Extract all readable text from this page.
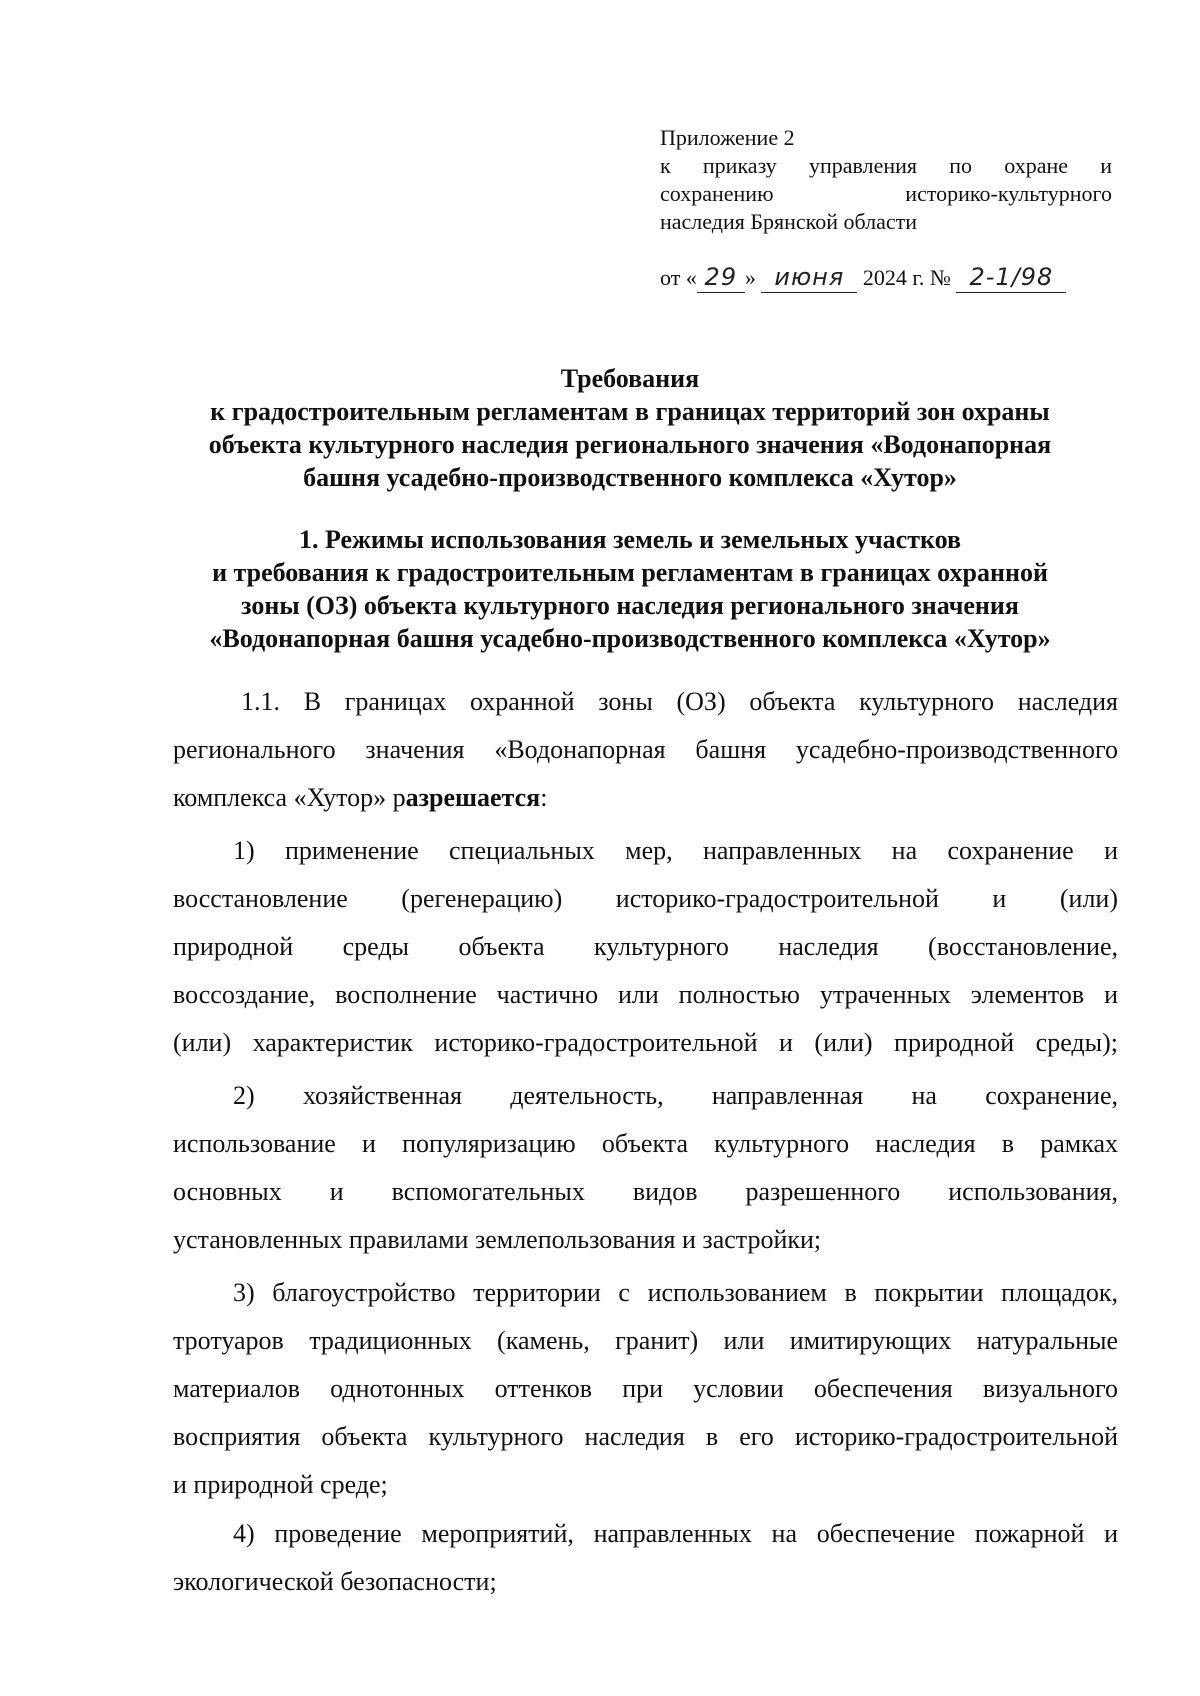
Приложение 2
к приказу управления по охране и
сохранению историко-культурного
наследия Брянской области
от « 29 » июня 2024 г. № 2-1/98
Требования
к градостроительным регламентам в границах территорий зон охраны
объекта культурного наследия регионального значения «Водонапорная
башня усадебно-производственного комплекса «Хутор»
1. Режимы использования земель и земельных участков
и требования к градостроительным регламентам в границах охранной
зоны (ОЗ) объекта культурного наследия регионального значения
«Водонапорная башня усадебно-производственного комплекса «Хутор»
1.1. В границах охранной зоны (ОЗ) объекта культурного наследия
регионального значения «Водонапорная башня усадебно-производственного
комплекса «Хутор» разрешается:
1) применение специальных мер, направленных на сохранение и
восстановление (регенерацию) историко-градостроительной и (или)
природной среды объекта культурного наследия (восстановление,
воссоздание, восполнение частично или полностью утраченных элементов и
(или) характеристик историко-градостроительной и (или) природной среды);
2) хозяйственная деятельность, направленная на сохранение,
использование и популяризацию объекта культурного наследия в рамках
основных и вспомогательных видов разрешенного использования,
установленных правилами землепользования и застройки;
3) благоустройство территории с использованием в покрытии площадок,
тротуаров традиционных (камень, гранит) или имитирующих натуральные
материалов однотонных оттенков при условии обеспечения визуального
восприятия объекта культурного наследия в его историко-градостроительной
и природной среде;
4) проведение мероприятий, направленных на обеспечение пожарной и
экологической безопасности;
